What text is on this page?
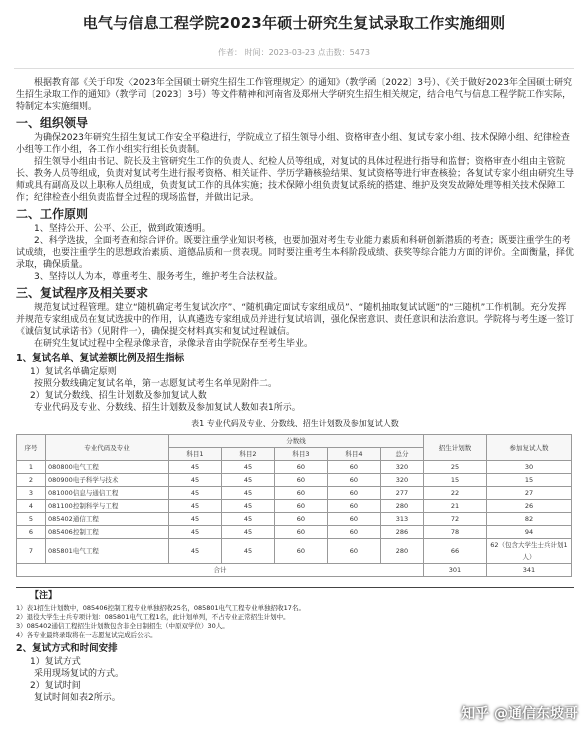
电气与信息工程学院2023年硕士研究生复试录取工作实施细则
作者： 时间：2023-03-23 点击数：5473

根据教育部《关于印发〈2023年全国硕士研究生招生工作管理规定〉的通知》（教学函〔2022〕3号）、《关于做好2023年全国硕士研究生招生录取工作的通知》（教学司〔2023〕3号）等文件精神和河南省及郑州大学研究生招生相关规定，结合电气与信息工程学院工作实际，特制定本实施细则。

一、组织领导

为确保2023年研究生招生复试工作安全平稳进行，学院成立了招生领导小组、资格审查小组、复试专家小组、技术保障小组、纪律检查小组等工作小组，各工作小组实行组长负责制。

招生领导小组由书记、院长及主管研究生工作的负责人、纪检人员等组成，对复试的具体过程进行指导和监督；资格审查小组由主管院长、教务人员等组成，负责对复试考生进行报考资格、相关证件、学历学籍核验结果、复试资格等进行审查核验；各复试专家小组由研究生导师或具有副高及以上职称人员组成，负责复试工作的具体实施；技术保障小组负责复试系统的搭建、维护及突发故障处理等相关技术保障工作；纪律检查小组负责监督全过程的现场监督，并做出记录。

二、工作原则

1、坚持公开、公平、公正，做到政策透明。

2、科学选拔，全面考查和综合评价。既要注重学业知识考核，也要加强对考生专业能力素质和科研创新潜质的考查；既要注重学生的考试成绩，也要注重学生的思想政治素质、道德品质和一贯表现。同时要注重考生本科阶段成绩、获奖等综合能力方面的评价。全面衡量，择优录取，确保质量。

3、坚持以人为本，尊重考生、服务考生，维护考生合法权益。

三、复试程序及相关要求

规范复试过程管理。建立“随机确定考生复试次序”、“随机确定面试专家组成员”、“随机抽取复试试题”的“三随机”工作机制。充分发挥并规范专家组成员在复试选拔中的作用，认真遴选专家组成员并进行复试培训，强化保密意识、责任意识和法治意识。学院将与考生逐一签订《诚信复试承诺书》（见附件一），确保提交材料真实和复试过程诚信。

在研究生复试过程中全程录像录音，录像录音由学院保存至考生毕业。

1、复试名单、复试差额比例及招生指标

1）复试名单确定原则

按照分数线确定复试名单，第一志愿复试考生名单见附件二。

2）复试分数线、招生计划数及参加复试人数

专业代码及专业、分数线、招生计划数及参加复试人数如表1所示。

表1 专业代码及专业、分数线、招生计划数及参加复试人数
序号	专业代码及专业	分数线					招生计划数	参加复试人数
		科目1	科目2	科目3	科目4	总分		
1	080800电气工程	45	45	60	60	320	25	30
2	080900电子科学与技术	45	45	60	60	320	15	15
3	081000信息与通信工程	45	45	60	60	277	22	27
4	081100控制科学与工程	45	45	60	60	280	21	26
5	085402通信工程	45	45	60	60	313	72	82
6	085406控制工程	45	45	60	60	286	78	94
7	085801电气工程	45	45	60	60	280	66	62（包含大学生士兵计划1人）
合计							301	341
【注】
1）表1招生计划数中，085406控制工程专业单独招收25名，085801电气工程专业单独招收17名。
2）退役大学生士兵专项计划：085801电气工程1名，此计划单列，不占专业正常招生计划中。
3）085402通信工程招生计划数包含非全日制招生（中原双学位）30人。
4）各专业最终录取将在一志愿复试完成后公示。
2、复试方式和时间安排

1）复试方式

采用现场复试的方式。

2）复试时间

复试时间如表2所示。

知乎 @通信东坡哥
